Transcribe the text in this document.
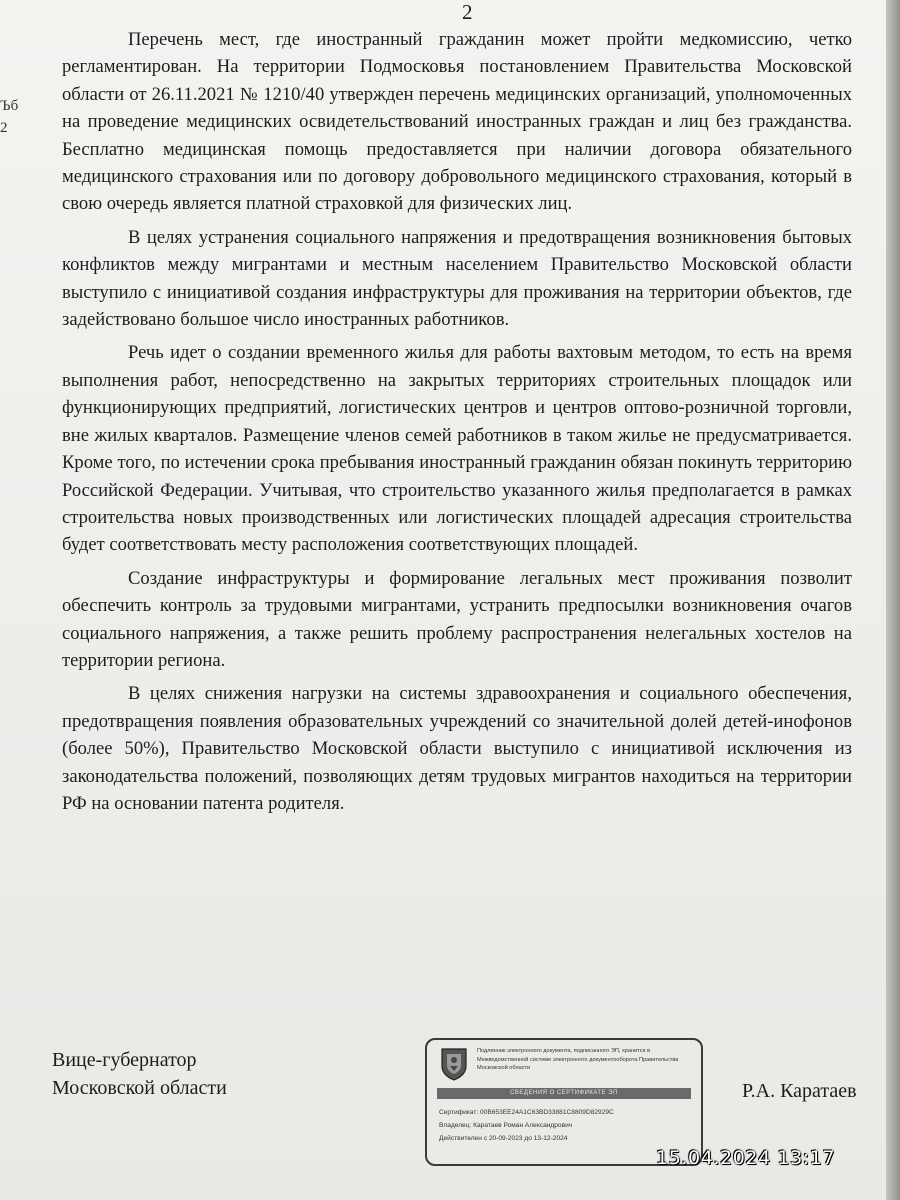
2
Ъб
2

Перечень мест, где иностранный гражданин может пройти медкомиссию, четко регламентирован. На территории Подмосковья постановлением Правительства Московской области от 26.11.2021 № 1210/40 утвержден перечень медицинских организаций, уполномоченных на проведение медицинских освидетельствований иностранных граждан и лиц без гражданства. Бесплатно медицинская помощь предоставляется при наличии договора обязательного медицинского страхования или по договору добровольного медицинского страхования, который в свою очередь является платной страховкой для физических лиц.

В целях устранения социального напряжения и предотвращения возникновения бытовых конфликтов между мигрантами и местным населением Правительство Московской области выступило с инициативой создания инфраструктуры для проживания на территории объектов, где задействовано большое число иностранных работников.

Речь идет о создании временного жилья для работы вахтовым методом, то есть на время выполнения работ, непосредственно на закрытых территориях строительных площадок или функционирующих предприятий, логистических центров и центров оптово-розничной торговли, вне жилых кварталов. Размещение членов семей работников в таком жилье не предусматривается. Кроме того, по истечении срока пребывания иностранный гражданин обязан покинуть территорию Российской Федерации. Учитывая, что строительство указанного жилья предполагается в рамках строительства новых производственных или логистических площадей адресация строительства будет соответствовать месту расположения соответствующих площадей.

Создание инфраструктуры и формирование легальных мест проживания позволит обеспечить контроль за трудовыми мигрантами, устранить предпосылки возникновения очагов социального напряжения, а также решить проблему распространения нелегальных хостелов на территории региона.

В целях снижения нагрузки на системы здравоохранения и социального обеспечения, предотвращения появления образовательных учреждений со значительной долей детей-инофонов (более 50%), Правительство Московской области выступило с инициативой исключения из законодательства положений, позволяющих детям трудовых мигрантов находиться на территории РФ на основании патента родителя.

Вице-губернатор
Московской области
Подлинник электронного документа, подписанного ЭП, хранится в Межведомственной системе электронного документооборота Правительства Московской области
СВЕДЕНИЯ О СЕРТИФИКАТЕ ЭП
Сертификат: 00B653EE24A1C63BD33881C8809D82929C
Владелец: Каратаев Роман Александрович
Действителен с 20-09-2023 до 13-12-2024
Р.А. Каратаев
15.04.2024 13:17
